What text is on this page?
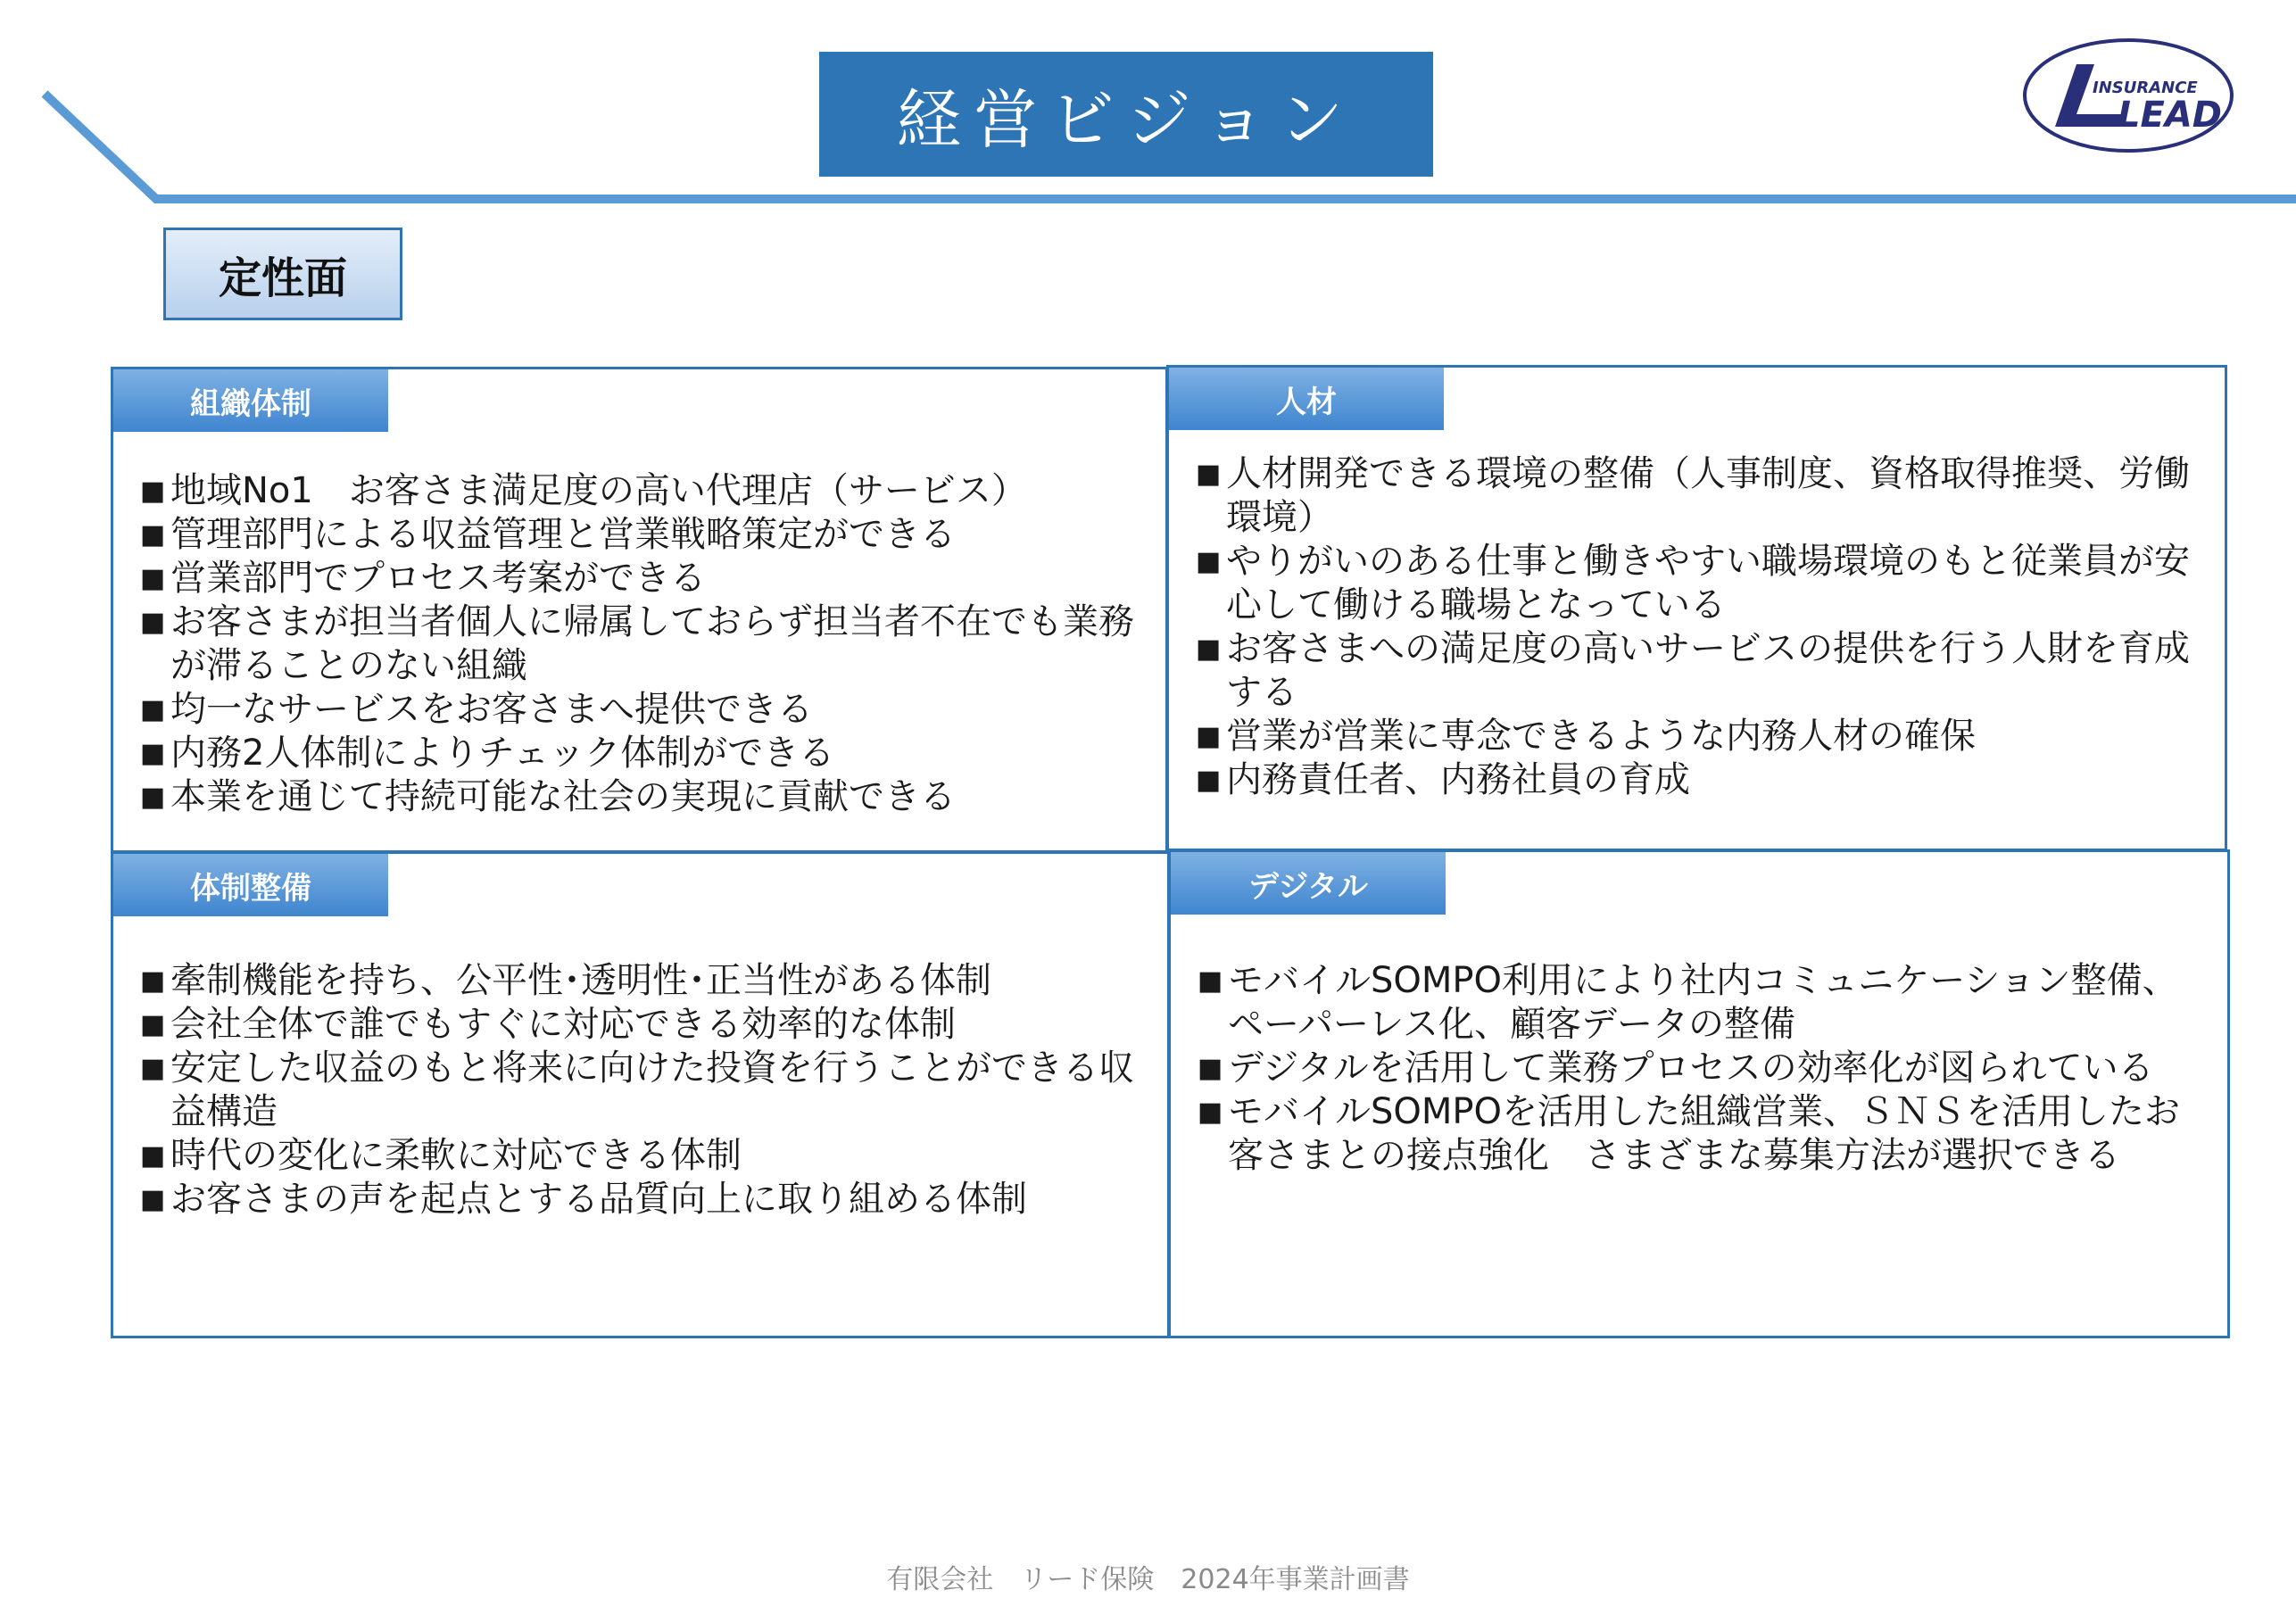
経営ビジョン	INSURANCE
LEAD
定性面
組織体制
■ 地域No1　お客さま満足度の高い代理店（サービス）
■ 管理部門による収益管理と営業戦略策定ができる
■ 営業部門でプロセス考案ができる
■ お客さまが担当者個人に帰属しておらず担当者不在でも業務が滞ることのない組織
■ 均一なサービスをお客さまへ提供できる
■ 内務2人体制によりチェック体制ができる
■ 本業を通じて持続可能な社会の実現に貢献できる
人材
■ 人材開発できる環境の整備（人事制度、資格取得推奨、労働環境）
■ やりがいのある仕事と働きやすい職場環境のもと従業員が安心して働ける職場となっている
■ お客さまへの満足度の高いサービスの提供を行う人財を育成する
■ 営業が営業に専念できるような内務人材の確保
■ 内務責任者、内務社員の育成
体制整備
■ 牽制機能を持ち、公平性･透明性･正当性がある体制
■ 会社全体で誰でもすぐに対応できる効率的な体制
■ 安定した収益のもと将来に向けた投資を行うことができる収益構造
■ 時代の変化に柔軟に対応できる体制
■ お客さまの声を起点とする品質向上に取り組める体制
デジタル
■ モバイルSOMPO利用により社内コミュニケーション整備、ペーパーレス化、顧客データの整備
■ デジタルを活用して業務プロセスの効率化が図られている
■ モバイルSOMPOを活用した組織営業、ＳＮＳを活用したお客さまとの接点強化　さまざまな募集方法が選択できる
有限会社　リード保険　2024年事業計画書
